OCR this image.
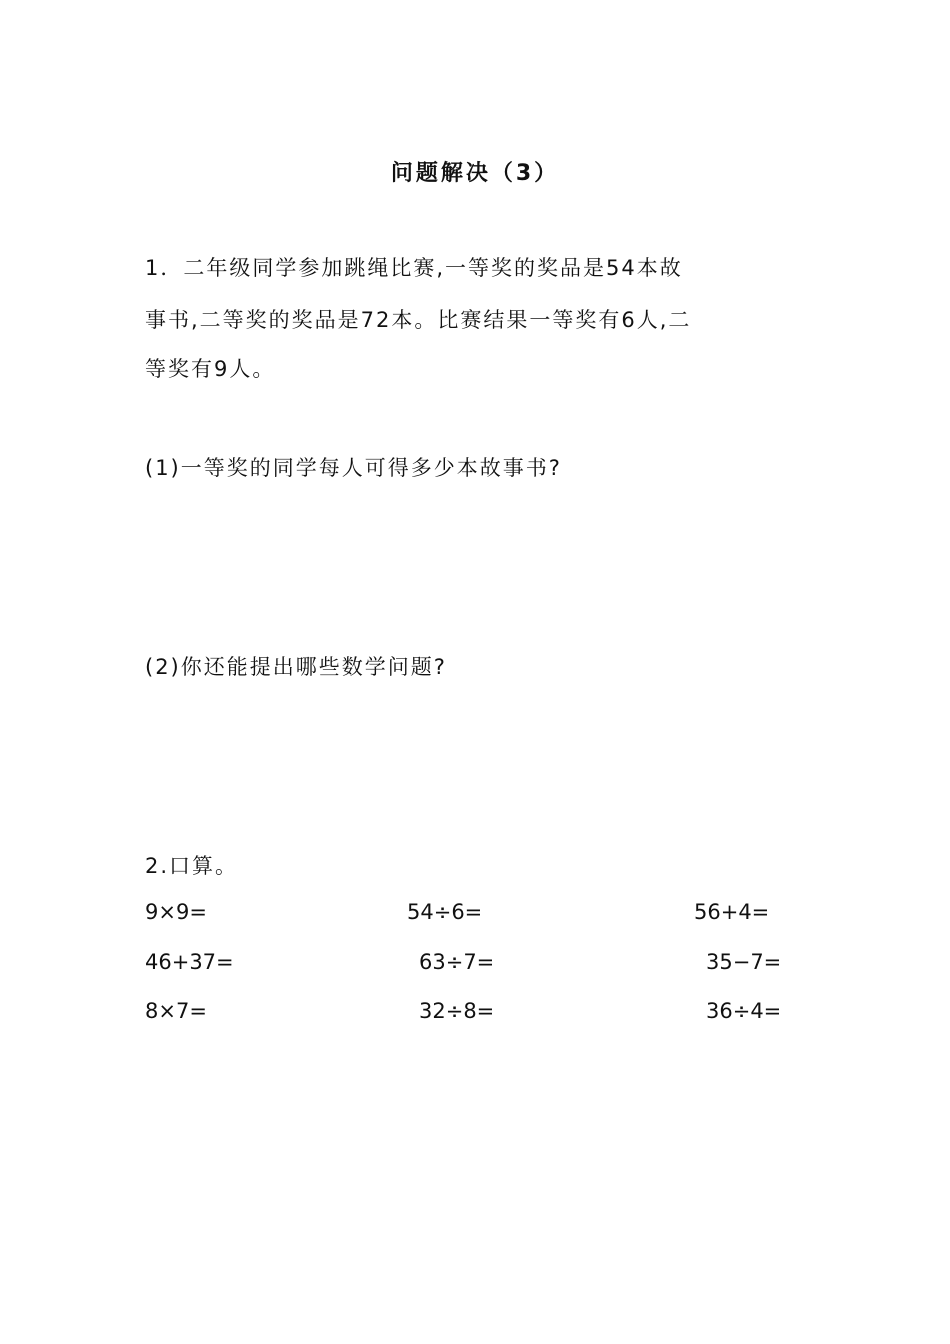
问题解决（3）
1．二年级同学参加跳绳比赛,一等奖的奖品是54本故
事书,二等奖的奖品是72本。比赛结果一等奖有6人,二
等奖有9人。
(1)一等奖的同学每人可得多少本故事书?
(2)你还能提出哪些数学问题?
2.口算。
9×9=	54÷6=	56+4=
46+37=	63÷7=	35−7=
8×7=	32÷8=	36÷4=
